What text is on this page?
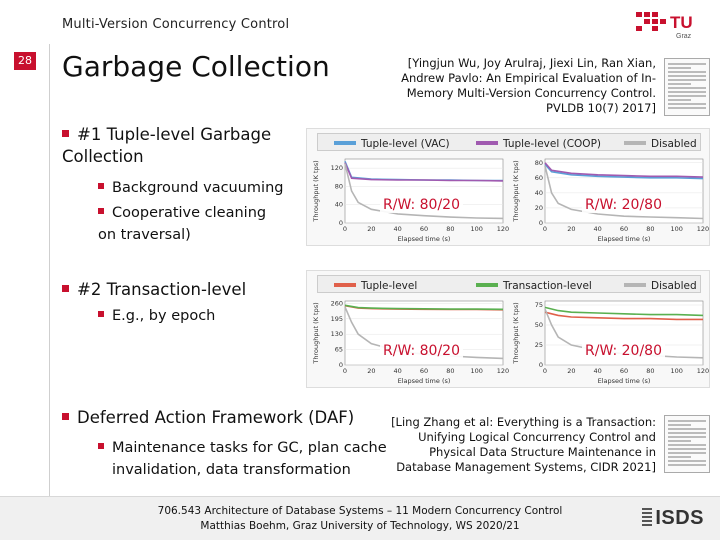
Multi-Version Concurrency Control	TU
Graz
28 Garbage Collection	[Yingjun Wu, Joy Arulraj, Jiexi Lin, Ran Xian, Andrew Pavlo: An Empirical Evaluation of In-Memory Multi-Version Concurrency Control. PVLDB 10(7) 2017]
#1 Tuple-level Garbage Collection
Background vacuuming
Cooperative cleaning on traversal)
Tuple-level (VAC)	Tuple-level (COOP)	Disabled
0	20	40	60	80 100 120
0
40
80
120
Elapsed time (s)
Throughput (K tps)
0	20	40	60	80 100 120
0
20
40
60
80
Elapsed time (s)
Throughput (K tps)
R/W: 80/20	R/W: 20/80
#2 Transaction-level
E.g., by epoch
Tuple-level	Transaction-level	Disabled
0	20	40	60	80 100 120
0
65
130
195
260
Elapsed time (s)
Throughput (K tps)
0	20	40	60	80 100 120
0
25
50
75
Elapsed time (s)
Throughput (K tps)
R/W: 80/20	R/W: 20/80
Deferred Action Framework (DAF)
Maintenance tasks for GC, plan cache invalidation, data transformation
[Ling Zhang et al: Everything is a Transaction: Unifying Logical Concurrency Control and Physical Data Structure Maintenance in Database Management Systems, CIDR 2021]
706.543 Architecture of Database Systems – 11 Modern Concurrency Control
Matthias Boehm, Graz University of Technology, WS 2020/21	ISDS
